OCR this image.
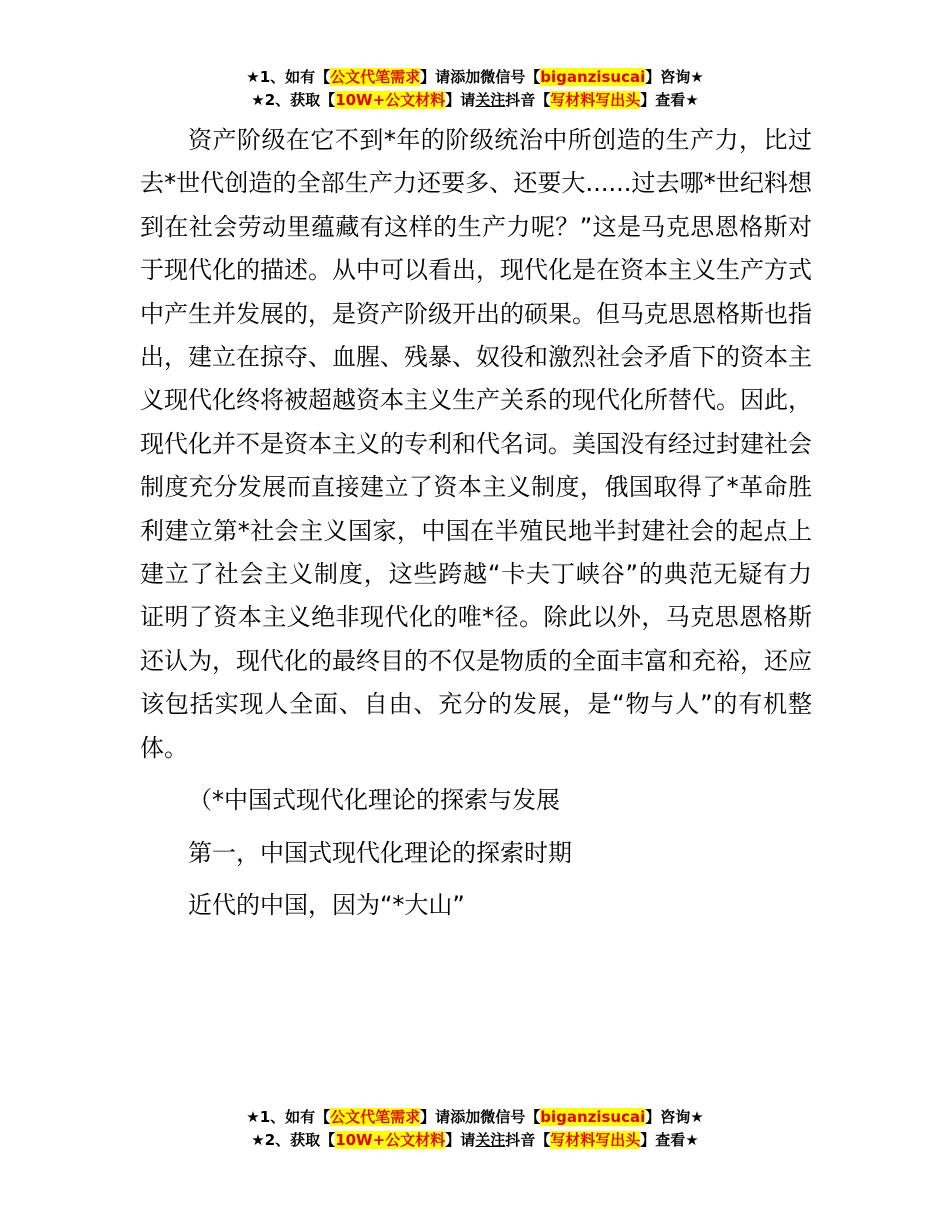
★1、如有【公文代笔需求】请添加微信号【biganzisucai】咨询★
★2、获取【10W+公文材料】请关注抖音【写材料写出头】查看★

资产阶级在它不到*年的阶级统治中所创造的生产力，比过去*世代创造的全部生产力还要多、还要大......过去哪*世纪料想到在社会劳动里蕴藏有这样的生产力呢？”这是马克思恩格斯对于现代化的描述。从中可以看出，现代化是在资本主义生产方式中产生并发展的，是资产阶级开出的硕果。但马克思恩格斯也指出，建立在掠夺、血腥、残暴、奴役和激烈社会矛盾下的资本主义现代化终将被超越资本主义生产关系的现代化所替代。因此，现代化并不是资本主义的专利和代名词。美国没有经过封建社会制度充分发展而直接建立了资本主义制度，俄国取得了*革命胜利建立第*社会主义国家，中国在半殖民地半封建社会的起点上建立了社会主义制度，这些跨越“卡夫丁峡谷”的典范无疑有力证明了资本主义绝非现代化的唯*径。除此以外，马克思恩格斯还认为，现代化的最终目的不仅是物质的全面丰富和充裕，还应该包括实现人全面、自由、充分的发展，是“物与人”的有机整体。

（*中国式现代化理论的探索与发展

第一，中国式现代化理论的探索时期

近代的中国，因为“*大山”

★1、如有【公文代笔需求】请添加微信号【biganzisucai】咨询★
★2、获取【10W+公文材料】请关注抖音【写材料写出头】查看★
